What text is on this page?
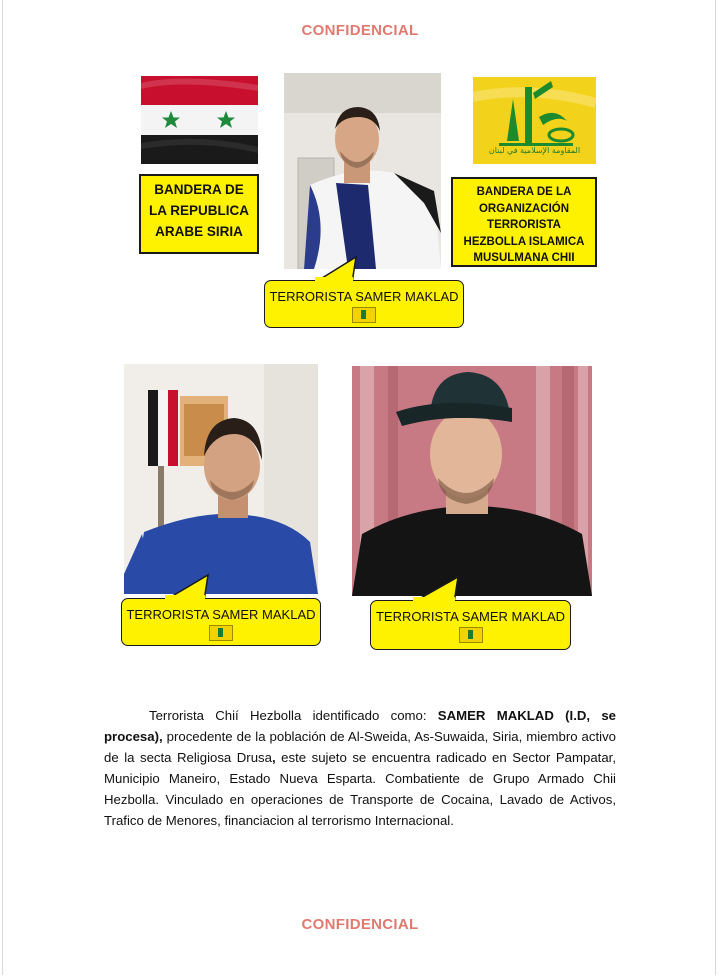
CONFIDENCIAL
BANDERA DE LA REPUBLICA ARABE SIRIA
المقاومة الإسلامية في لبنان
BANDERA DE LA ORGANIZACIÓN TERRORISTA HEZBOLLA ISLAMICA MUSULMANA CHII
TERRORISTA SAMER MAKLAD
TERRORISTA SAMER MAKLAD	TERRORISTA SAMER MAKLAD
Terrorista Chií Hezbolla identificado como: SAMER MAKLAD (I.D, se procesa), procedente de la población de Al-Sweida, As-Suwaida, Siria, miembro activo de la secta Religiosa Drusa, este sujeto se encuentra radicado en Sector Pampatar, Municipio Maneiro, Estado Nueva Esparta. Combatiente de Grupo Armado Chii Hezbolla. Vinculado en operaciones de Transporte de Cocaina, Lavado de Activos, Trafico de Menores, financiacion al terrorismo Internacional.
CONFIDENCIAL
